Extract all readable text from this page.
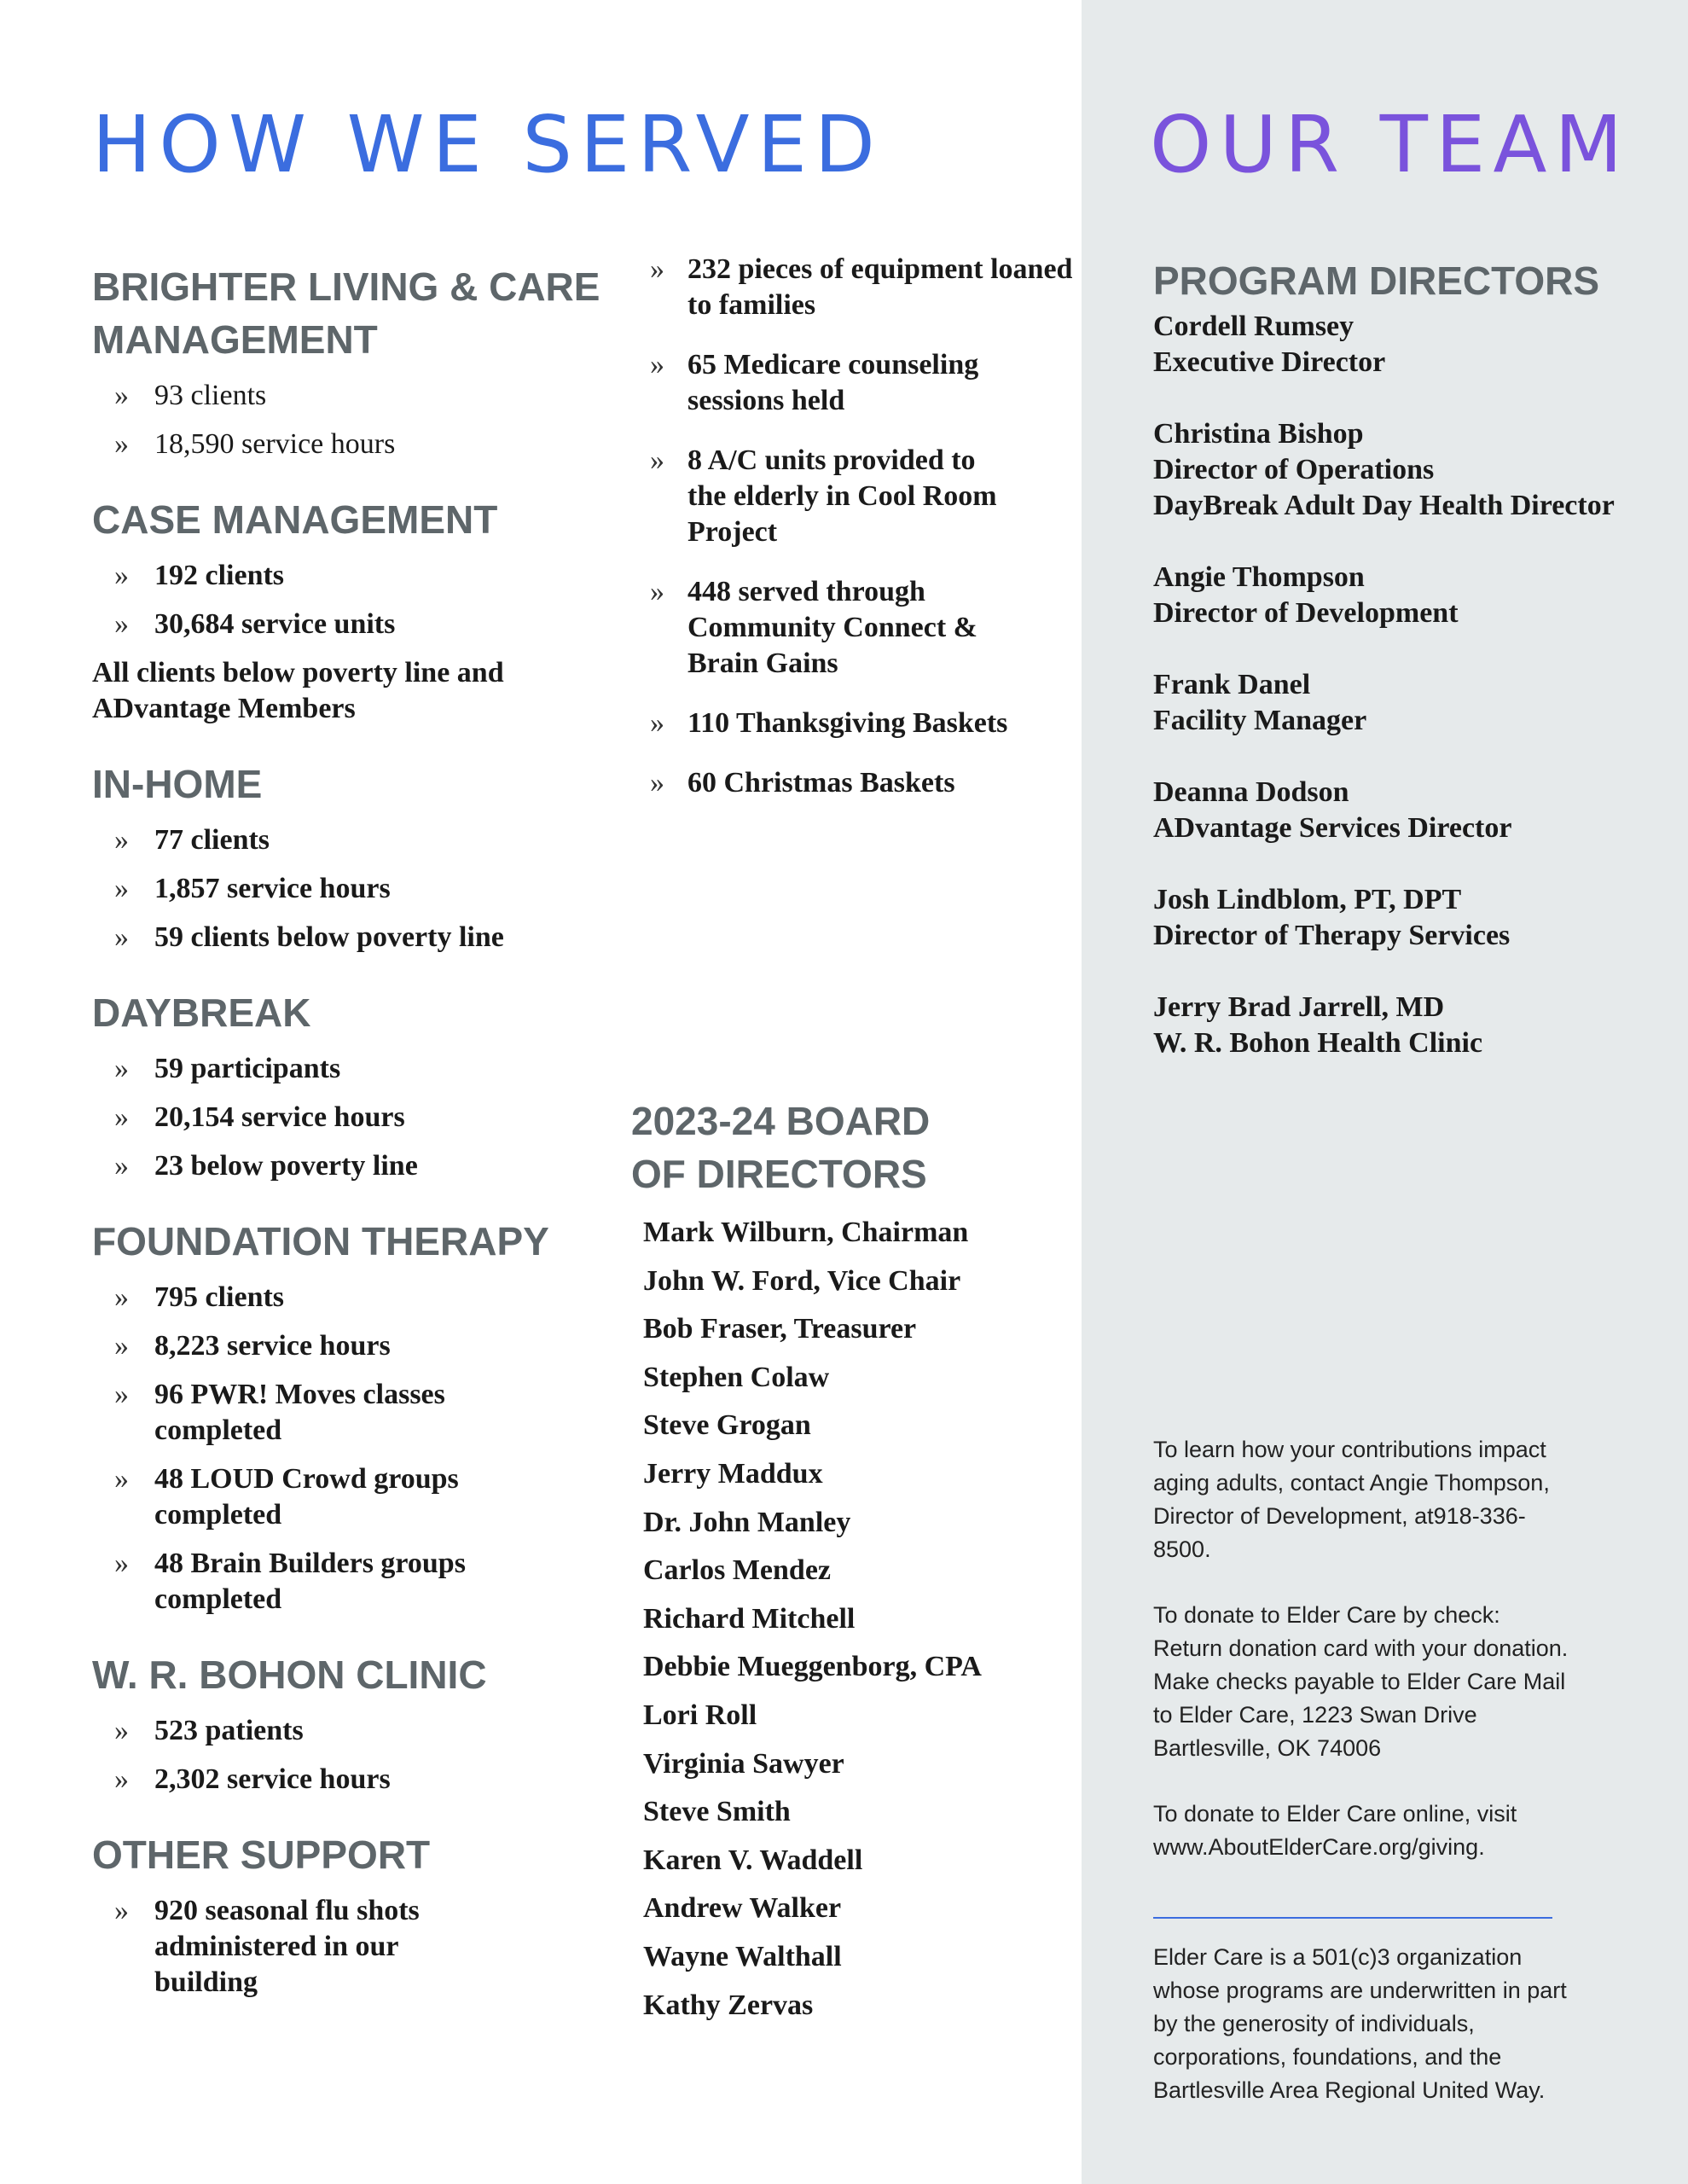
HOW WE SERVED	OUR TEAM
BRIGHTER LIVING & CARE MANAGEMENT
» 93 clients
» 18,590 service hours
CASE MANAGEMENT
» 192 clients
» 30,684 service units

All clients below poverty line and ADvantage Members

IN-HOME
» 77 clients
» 1,857 service hours
» 59 clients below poverty line
DAYBREAK
» 59 participants
» 20,154 service hours
» 23 below poverty line
FOUNDATION THERAPY
» 795 clients
» 8,223 service hours
» 96 PWR! Moves classes completed
» 48 LOUD Crowd groups completed
» 48 Brain Builders groups completed
W. R. BOHON CLINIC
» 523 patients
» 2,302 service hours
OTHER SUPPORT
» 920 seasonal flu shots administered in our building
» 232 pieces of equipment loaned to families
» 65 Medicare counseling sessions held
» 8 A/C units provided to the elderly in Cool Room Project
» 448 served through Community Connect & Brain Gains
» 110 Thanksgiving Baskets
» 60 Christmas Baskets
2023-24 BOARD OF DIRECTORS
Mark Wilburn, Chairman
John W. Ford, Vice Chair
Bob Fraser, Treasurer
Stephen Colaw
Steve Grogan
Jerry Maddux
Dr. John Manley
Carlos Mendez
Richard Mitchell
Debbie Mueggenborg, CPA
Lori Roll
Virginia Sawyer
Steve Smith
Karen V. Waddell
Andrew Walker
Wayne Walthall
Kathy Zervas
PROGRAM DIRECTORS
Cordell Rumsey
Executive Director
Christina Bishop
Director of Operations
DayBreak Adult Day Health Director
Angie Thompson
Director of Development
Frank Danel
Facility Manager
Deanna Dodson
ADvantage Services Director
Josh Lindblom, PT, DPT
Director of Therapy Services
Jerry Brad Jarrell, MD
W. R. Bohon Health Clinic

To learn how your contributions impact aging adults, contact Angie Thompson, Director of Development, at918-336-8500.

To donate to Elder Care by check: Return donation card with your donation. Make checks payable to Elder Care Mail to Elder Care, 1223 Swan Drive Bartlesville, OK 74006

To donate to Elder Care online, visit www.AboutElderCare.org/giving.

Elder Care is a 501(c)3 organization whose programs are underwritten in part by the generosity of individuals, corporations, foundations, and the Bartlesville Area Regional United Way.
